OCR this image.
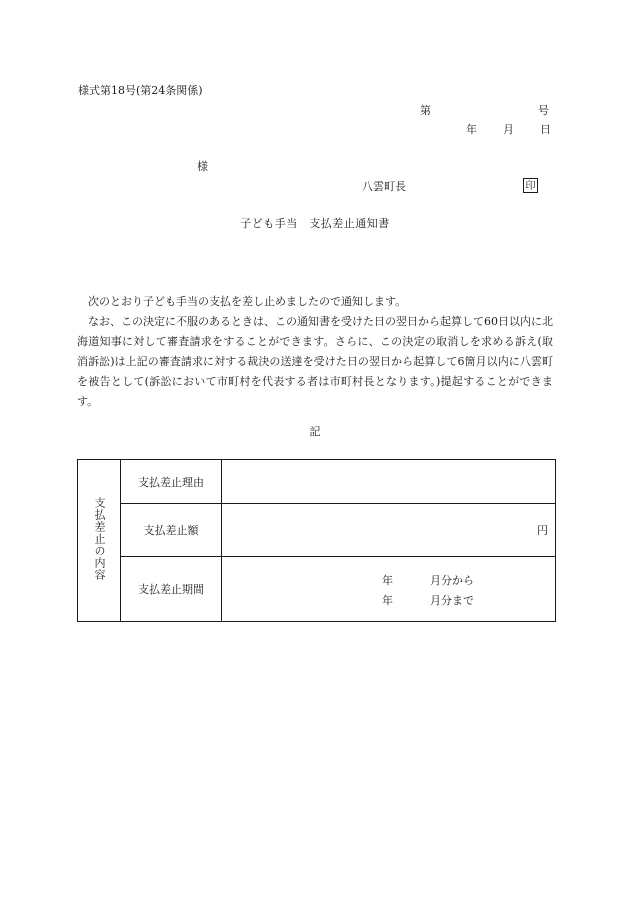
様式第18号(第24条関係)
第	号
年 月 日
様
八雲町長	印
子ども手当　支払差止通知書

次のとおり子ども手当の支払を差し止めましたので通知します。

なお、この決定に不服のあるときは、この通知書を受けた日の翌日から起算して60日以内に北海道知事に対して審査請求をすることができます。さらに、この決定の取消しを求める訴え(取消訴訟)は上記の審査請求に対する裁決の送達を受けた日の翌日から起算して6箇月以内に八雲町を被告として(訴訟において市町村を代表する者は市町村長となります。)提起することができます。

記
支払差止の内容	支払差止理由	
	支払差止額	円
	支払差止期間	年 月分から
年 月分まで
